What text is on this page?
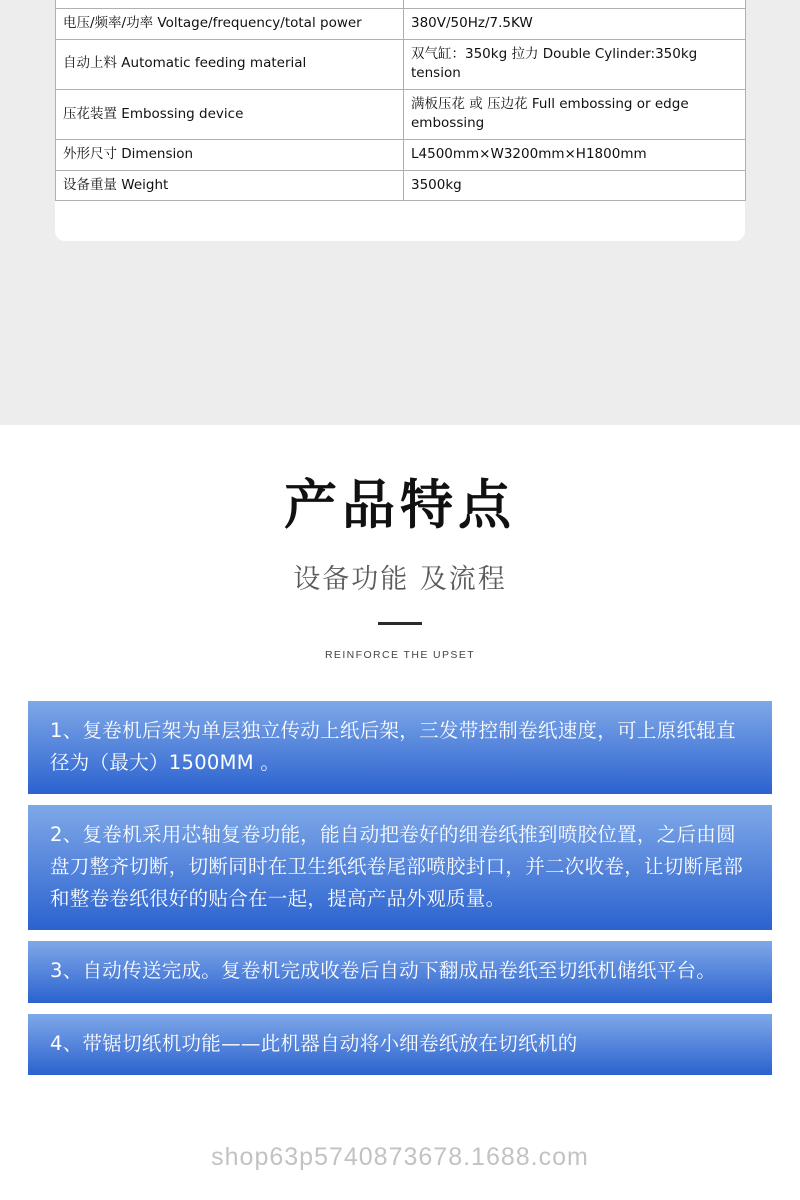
电压/频率/功率 Voltage/frequency/total power	380V/50Hz/7.5KW
自动上料 Automatic feeding material	双气缸：350kg 拉力 Double Cylinder:350kg tension
压花装置 Embossing device	满板压花 或 压边花 Full embossing or edge embossing
外形尺寸 Dimension	L4500mm×W3200mm×H1800mm
设备重量 Weight	3500kg
产品特点
设备功能 及流程
REINFORCE THE UPSET
1、复卷机后架为单层独立传动上纸后架，三发带控制卷纸速度，可上原纸辊直径为（最大）1500MM 。
2、复卷机采用芯轴复卷功能，能自动把卷好的细卷纸推到喷胶位置，之后由圆盘刀整齐切断，切断同时在卫生纸纸卷尾部喷胶封口，并二次收卷，让切断尾部和整卷卷纸很好的贴合在一起，提高产品外观质量。
3、自动传送完成。复卷机完成收卷后自动下翻成品卷纸至切纸机储纸平台。
4、带锯切纸机功能——此机器自动将小细卷纸放在切纸机的
shop63p5740873678.1688.com
